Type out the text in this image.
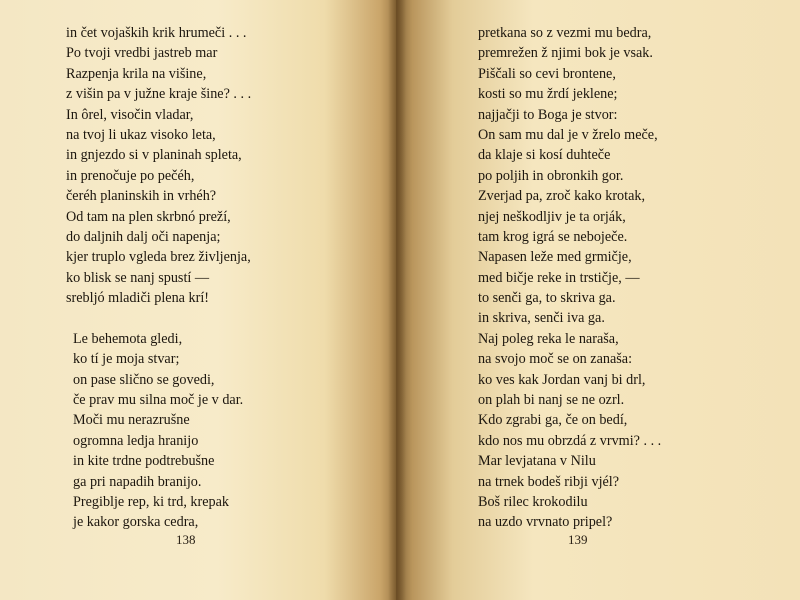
in čet vojaških krik hrumeči . . .
Po tvoji vredbi jastreb mar
Razpenja krila na višine,
z višin pa v južne kraje šine? . . .
In ôrel, visočin vladar,
na tvoj li ukaz visoko leta,
in gnjezdo si v planinah spleta,
in prenočuje po pečéh,
čeréh planinskih in vrhéh?
Od tam na plen skrbnó preží,
do daljnih dalj oči napenja;
kjer truplo vgleda brez življenja,
ko blisk se nanj spustí —
srebljó mladiči plena krí!
Le behemota gledi,
ko tí je moja stvar;
on pase slično se govedi,
če prav mu silna moč je v dar.
Moči mu nerazrušne
ogromna ledja hranijo
in kite trdne podtrebušne
ga pri napadih branijo.
Pregiblje rep, ki trd, krepak
je kakor gorska cedra,
138
pretkana so z vezmi mu bedra,
premrežen ž njimi bok je vsak.
Piščali so cevi brontene,
kosti so mu žrdí jeklene;
najjačji to Boga je stvor:
On sam mu dal je v žrelo meče,
da klaje si kosí duhteče
po poljih in obronkih gor.
Zverjad pa, zroč kako krotak,
njej neškodljiv je ta orják,
tam krog igrá se neboječe.
Napasen leže med grmičje,
med bičje reke in trstičje, —
to senči ga, to skriva ga.
in skriva, senči iva ga.
Naj poleg reka le naraša,
na svojo moč se on zanaša:
ko ves kak Jordan vanj bi drl,
on plah bi nanj se ne ozrl.
Kdo zgrabi ga, če on bedí,
kdo nos mu obrzdá z vrvmi? . . .
Mar levjatana v Nilu
na trnek bodeš ribji vjél?
Boš rilec krokodilu
na uzdo vrvnato pripel?
139
